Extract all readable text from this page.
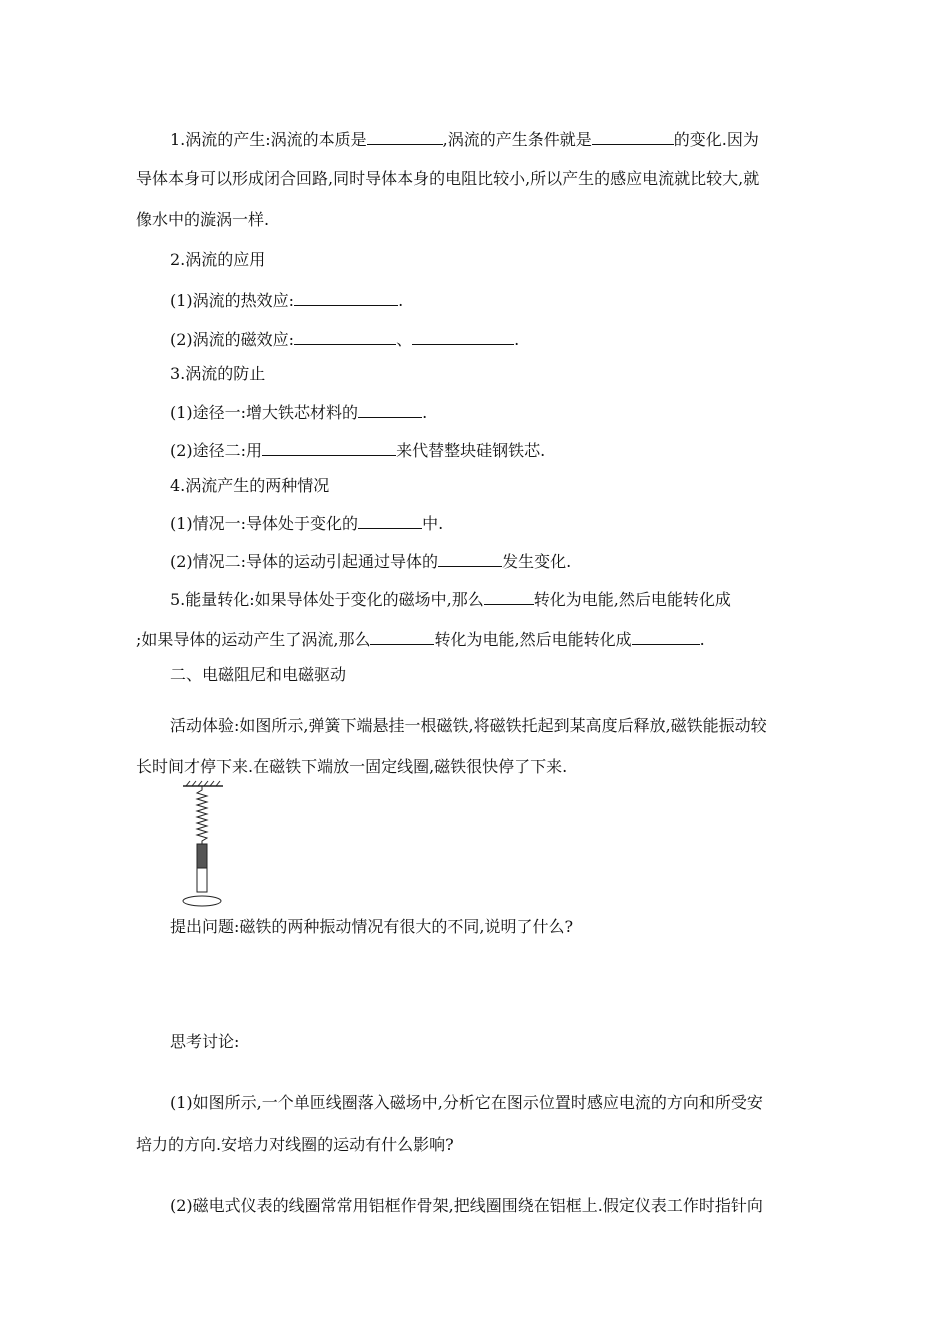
1.涡流的产生:涡流的本质是	,涡流的产生条件就是	的变化.因为
导体本身可以形成闭合回路,同时导体本身的电阻比较小,所以产生的感应电流就比较大,就
像水中的漩涡一样.
2.涡流的应用
(1)涡流的热效应:	.
(2)涡流的磁效应:	、	.
3.涡流的防止
(1)途径一:增大铁芯材料的	.
(2)途径二:用	来代替整块硅钢铁芯.
4.涡流产生的两种情况
(1)情况一:导体处于变化的	中.
(2)情况二:导体的运动引起通过导体的	发生变化.
5.能量转化:如果导体处于变化的磁场中,那么	转化为电能,然后电能转化成
;如果导体的运动产生了涡流,那么	转化为电能,然后电能转化成	.
二、电磁阻尼和电磁驱动
活动体验:如图所示,弹簧下端悬挂一根磁铁,将磁铁托起到某高度后释放,磁铁能振动较
长时间才停下来.在磁铁下端放一固定线圈,磁铁很快停了下来.
提出问题:磁铁的两种振动情况有很大的不同,说明了什么?
思考讨论:
(1)如图所示,一个单匝线圈落入磁场中,分析它在图示位置时感应电流的方向和所受安
培力的方向.安培力对线圈的运动有什么影响?
(2)磁电式仪表的线圈常常用铝框作骨架,把线圈围绕在铝框上.假定仪表工作时指针向
